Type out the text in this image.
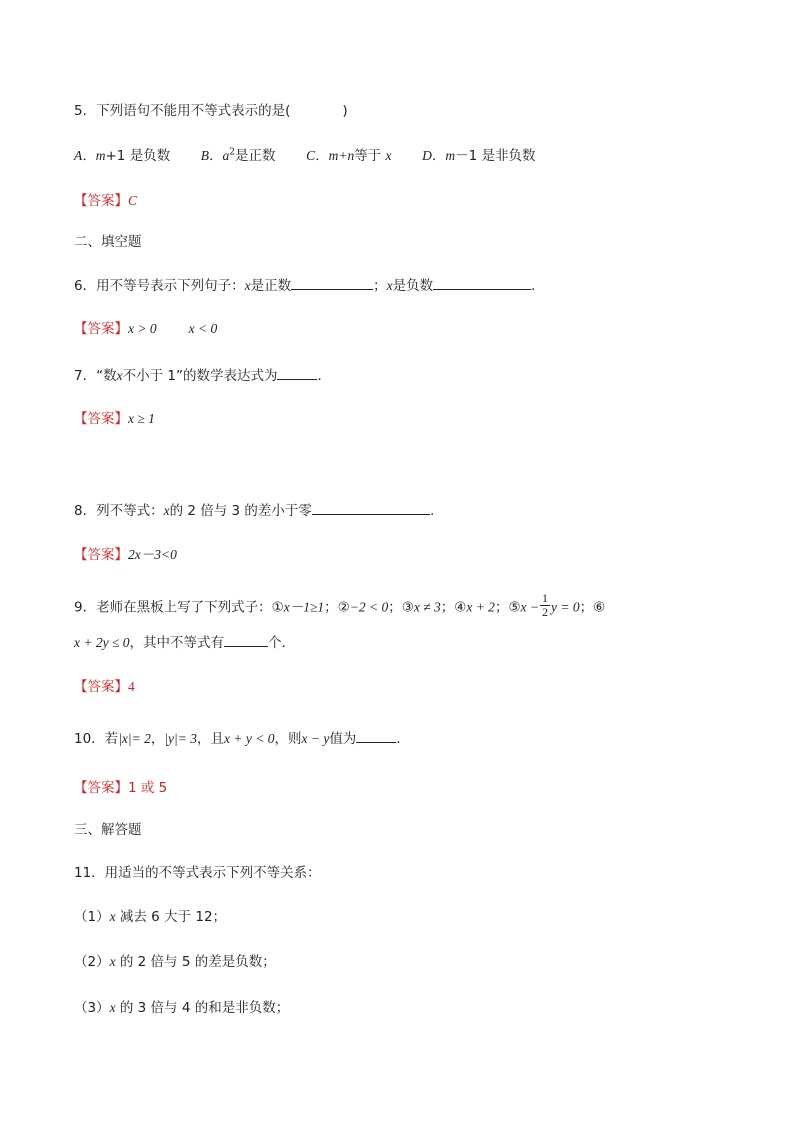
5．下列语句不能用不等式表示的是(	)
A．m+1 是负数 B．$a^2$是正数 C．m+n等于 x D．m－1 是非负数
【答案】C
二、填空题
6．用不等号表示下列句子：x是正数	；x是负数	．
【答案】x > 0 x < 0
7．“数x不小于 1”的数学表达式为	．
【答案】x ≥ 1
8．列不等式：x的 2 倍与 3 的差小于零	.
【答案】2x－3<0
9．老师在黑板上写了下列式子：①x－1≥1；②−2 < 0；③x ≠ 3；④x + 2；⑤x − $\frac{1}{2}$ y = 0；⑥
x + 2y ≤ 0，其中不等式有	个．
【答案】4
10．若|x|= 2，|y|= 3，且x + y < 0，则x − y值为	．
【答案】1 或 5
三、解答题
11．用适当的不等式表示下列不等关系：
（1）x 减去 6 大于 12；
（2）x 的 2 倍与 5 的差是负数；
（3）x 的 3 倍与 4 的和是非负数；
